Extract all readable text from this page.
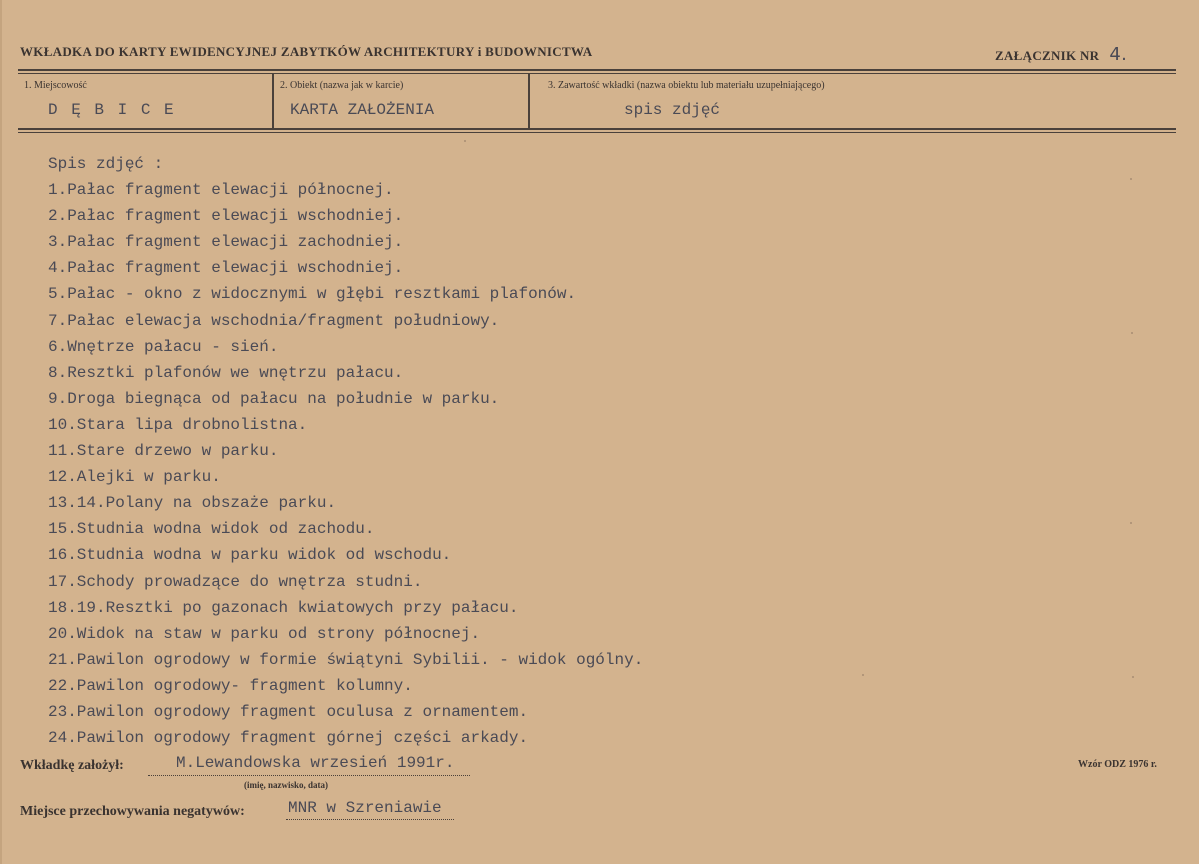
WKŁADKA DO KARTY EWIDENCYJNEJ ZABYTKÓW ARCHITEKTURY i BUDOWNICTWA	ZAŁĄCZNIK NR 4.
1. Miejscowość
D Ę B I C E
2. Obiekt (nazwa jak w karcie)
KARTA ZAŁOŻENIA
3. Zawartość wkładki (nazwa obiektu lub materiału uzupełniającego)
spis zdjęć
Spis zdjęć :
1.Pałac fragment elewacji północnej.
2.Pałac fragment elewacji wschodniej.
3.Pałac fragment elewacji zachodniej.
4.Pałac fragment elewacji wschodniej.
5.Pałac - okno z widocznymi w głębi resztkami plafonów.
7.Pałac elewacja wschodnia/fragment południowy.
6.Wnętrze pałacu - sień.
8.Resztki plafonów we wnętrzu pałacu.
9.Droga biegnąca od pałacu na południe w parku.
10.Stara lipa drobnolistna.
11.Stare drzewo w parku.
12.Alejki w parku.
13.14.Polany na obszaże parku.
15.Studnia wodna widok od zachodu.
16.Studnia wodna w parku widok od wschodu.
17.Schody prowadzące do wnętrza studni.
18.19.Resztki po gazonach kwiatowych przy pałacu.
20.Widok na staw w parku od strony północnej.
21.Pawilon ogrodowy w formie świątyni Sybilii. - widok ogólny.
22.Pawilon ogrodowy- fragment kolumny.
23.Pawilon ogrodowy fragment oculusa z ornamentem.
24.Pawilon ogrodowy fragment górnej części arkady.
Wkładkę założył:	M.Lewandowska wrzesień 1991r.
(imię, nazwisko, data)
Wzór ODZ 1976 r.
Miejsce przechowywania negatywów:	MNR w Szreniawie
